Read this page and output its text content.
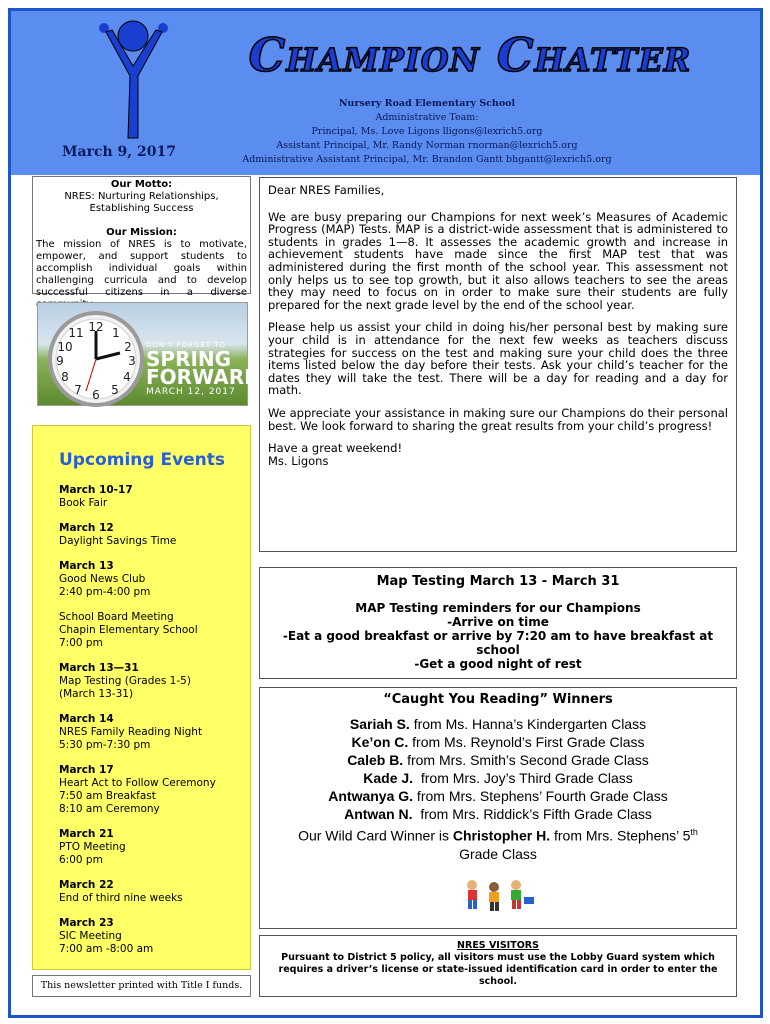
Champion Chatter
Nursery Road Elementary School
Administrative Team:
Principal, Ms. Love Ligons lligons@lexrich5.org
Assistant Principal, Mr. Randy Norman rnorman@lexrich5.org
Administrative Assistant Principal, Mr. Brandon Gantt bhgantt@lexrich5.org
March 9, 2017
Our Motto:
NRES: Nurturing Relationships,
Establishing Success
Our Mission:
The mission of NRES is to motivate, empower, and support students to accomplish individual goals within challenging curricula and to develop successful citizens in a diverse
12 1
2
3
4
5
6
7
8
9
10
11
DON'T FORGET TO
SPRING
FORWARD
MARCH 12, 2017
Upcoming Events
March 10-17
Book Fair
March 12
Daylight Savings Time
March 13
Good News Club
2:40 pm-4:00 pm
School Board Meeting
Chapin Elementary School
7:00 pm
March 13—31
Map Testing (Grades 1-5)
(March 13-31)
March 14
NRES Family Reading Night
5:30 pm-7:30 pm
March 17
Heart Act to Follow Ceremony
7:50 am Breakfast
8:10 am Ceremony
March 21
PTO Meeting
6:00 pm
March 22
End of third nine weeks
March 23
SIC Meeting
7:00 am -8:00 am
This newsletter printed with Title I funds.

Dear NRES Families,

We are busy preparing our Champions for next week’s Measures of Academic Progress (MAP) Tests. MAP is a district-wide assessment that is administered to students in grades 1—8. It assesses the academic growth and increase in achievement students have made since the first MAP test that was administered during the first month of the school year. This assessment not only helps us to see top growth, but it also allows teachers to see the areas they may need to focus on in order to make sure their students are fully prepared for the next grade level by the end of the school year.

Please help us assist your child in doing his/her personal best by making sure your child is in attendance for the next few weeks as teachers discuss strategies for success on the test and making sure your child does the three items listed below the day before their tests. Ask your child’s teacher for the dates they will take the test. There will be a day for reading and a day for math.

We appreciate your assistance in making sure our Champions do their personal best. We look forward to sharing the great results from your child’s progress!

Have a great weekend!
Ms. Ligons
Map Testing March 13 - March 31
MAP Testing reminders for our Champions
-Arrive on time
-Eat a good breakfast or arrive by 7:20 am to have breakfast at school
-Get a good night of rest
“Caught You Reading” Winners
Sariah S. from Ms. Hanna’s Kindergarten Class
Ke’on C. from Ms. Reynold’s First Grade Class
Caleb B. from Mrs. Smith’s Second Grade Class
Kade J.  from Mrs. Joy’s Third Grade Class
Antwanya G. from Mrs. Stephens’ Fourth Grade Class
Antwan N.  from Mrs. Riddick’s Fifth Grade Class
Our Wild Card Winner is Christopher H. from Mrs. Stephens’ 5th
Grade Class
NRES VISITORS
Pursuant to District 5 policy, all visitors must use the Lobby Guard system which requires a driver’s license or state-issued identification card in order to enter the school.
